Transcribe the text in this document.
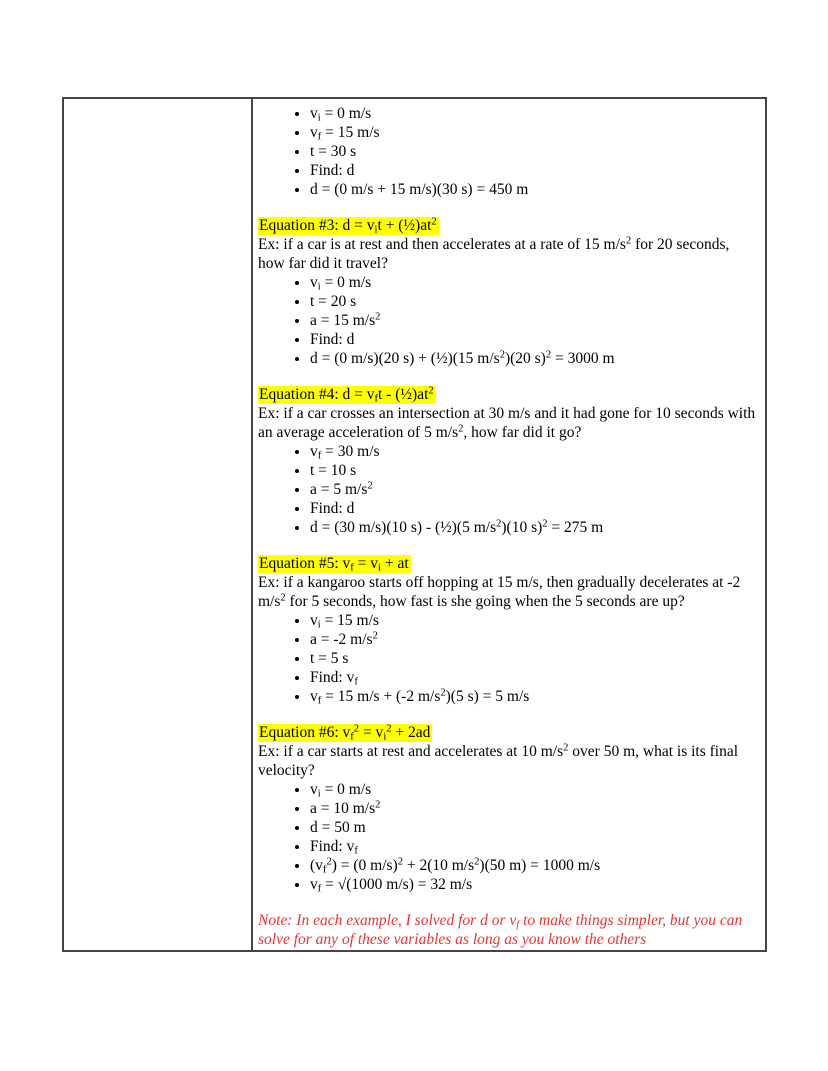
• $v_i = 0$ m/s
• $v_f = 15$ m/s
• t = 30 s
• Find: d
• d = (0 m/s + 15 m/s)(30 s) = 450 m
Equation #3: $d = v_it$ + $(\frac{1}{2})at^2$
Ex: if a car is at rest and then accelerates at a rate of 15 $m/s^2$ for 20 seconds, how far did it travel?
• $v_i = 0$ m/s
• t = 20 s
• a = 15 $m/s^2$
• Find: d
• d = (0 m/s)(20 s) + (½)(15 $m/s^2)(20$ s)$^2$ = 3000 m
Equation #4: $d = v_ft$ - $(\frac{1}{2})at^2$
Ex: if a car crosses an intersection at 30 m/s and it had gone for 10 seconds with an average acceleration of 5 $m/s^2$, how far did it go?
• $v_f = 30$ m/s
• t = 10 s
• a = 5 $m/s^2$
• Find: d
• d = (30 m/s)(10 s) - (½)(5 $m/s^2)(10$ s)$^2$ = 275 m
Equation #5: $v_f = v_i$ + at
Ex: if a kangaroo starts off hopping at 15 m/s, then gradually decelerates at -2 $m/s^2$ for 5 seconds, how fast is she going when the 5 seconds are up?
• $v_i = 15$ m/s
• a = -2 $m/s^2$
• t = 5 s
• Find: $v_f$
• $v_f = 15$ m/s + (-2 $m/s^2)(5$ s) = 5 m/s
Equation #6: $v_f^2 = v_i^2 + 2ad$
Ex: if a car starts at rest and accelerates at 10 $m/s^2$ over 50 m, what is its final velocity?
• $v_i = 0$ m/s
• a = 10 $m/s^2$
• d = 50 m
• Find: $v_f$
• $(v_f^2) = (0$ m/s)$^2$ + 2(10 $m/s^2)(50$ m) = 1000 m/s
• $v_f = √(1000$ m/s) = 32 m/s
Note: In each example, I solved for d or $v_f$ to make things simpler, but you can solve for any of these variables as long as you know the others
